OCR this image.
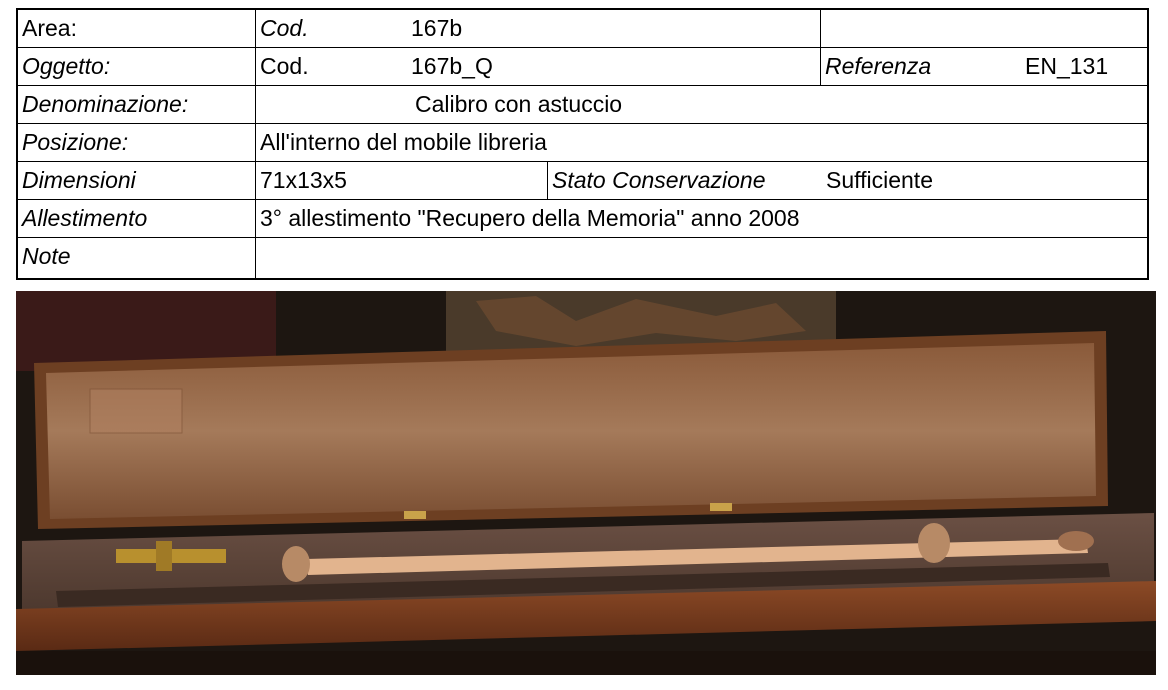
Area:	Cod.	167b
Oggetto:	Cod.	167b_Q	Referenza	EN_131
Denominazione:	Calibro con astuccio
Posizione:	All'interno del mobile libreria
Dimensioni	71x13x5	Stato Conservazione	Sufficiente
Allestimento	3° allestimento "Recupero della Memoria" anno 2008
Note
